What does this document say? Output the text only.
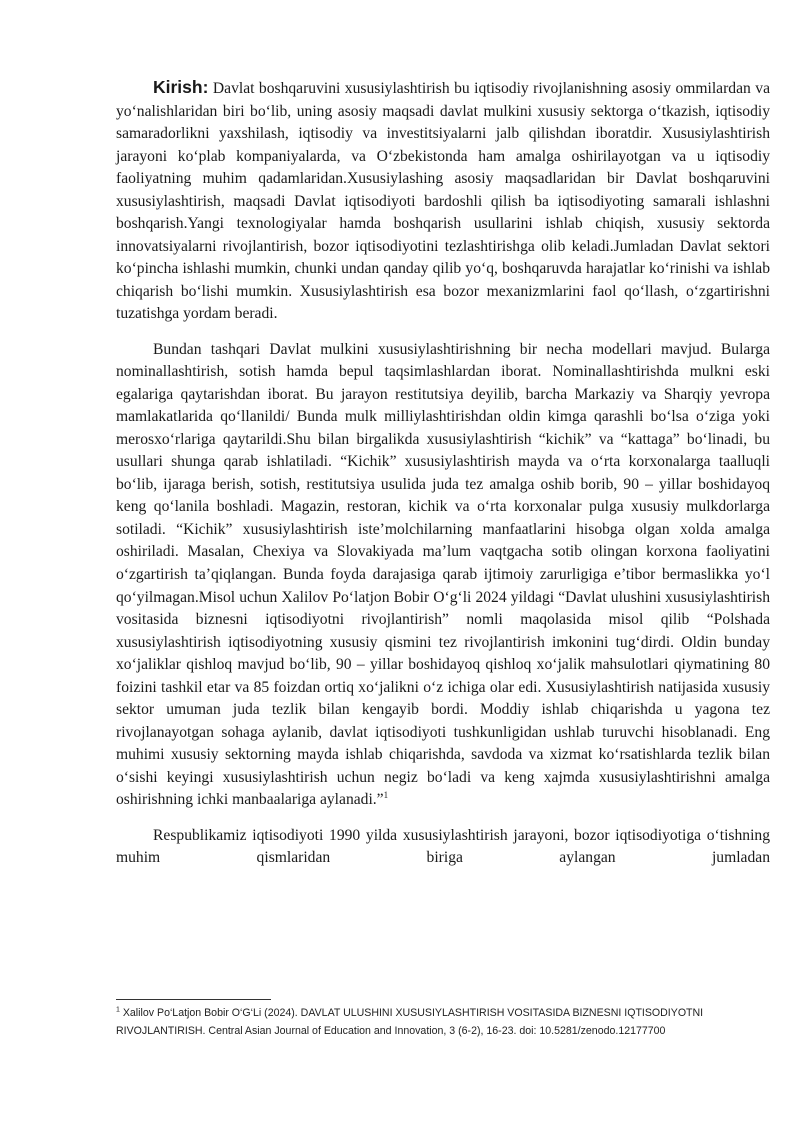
Kirish: Davlat boshqaruvini xususiylashtirish bu iqtisodiy rivojlanishning asosiy ommilardan va yo‘nalishlaridan biri bo‘lib, uning asosiy maqsadi davlat mulkini xususiy sektorga o‘tkazish, iqtisodiy samaradorlikni yaxshilash, iqtisodiy va investitsiyalarni jalb qilishdan iboratdir. Xususiylashtirish jarayoni ko‘plab kompaniyalarda, va O‘zbekistonda ham amalga oshirilayotgan va u iqtisodiy faoliyatning muhim qadamlaridan.Xususiylashing asosiy maqsadlaridan bir Davlat boshqaruvini xususiylashtirish, maqsadi Davlat iqtisodiyoti bardoshli qilish ba iqtisodiyoting samarali ishlashni boshqarish.Yangi texnologiyalar hamda boshqarish usullarini ishlab chiqish, xususiy sektorda innovatsiyalarni rivojlantirish, bozor iqtisodiyotini tezlashtirishga olib keladi.Jumladan Davlat sektori ko‘pincha ishlashi mumkin, chunki undan qanday qilib yo‘q, boshqaruvda harajatlar ko‘rinishi va ishlab chiqarish bo‘lishi mumkin. Xususiylashtirish esa bozor mexanizmlarini faol qo‘llash, o‘zgartirishni tuzatishga yordam beradi.

Bundan tashqari Davlat mulkini xususiylashtirishning bir necha modellari mavjud. Bularga nominallashtirish, sotish hamda bepul taqsimlashlardan iborat. Nominallashtirishda mulkni eski egalariga qaytarishdan iborat. Bu jarayon restitutsiya deyilib, barcha Markaziy va Sharqiy yevropa mamlakatlarida qo‘llanildi/ Bunda mulk milliylashtirishdan oldin kimga qarashli bo‘lsa o‘ziga yoki merosxo‘rlariga qaytarildi.Shu bilan birgalikda xususiylashtirish “kichik” va “kattaga” bo‘linadi, bu usullari shunga qarab ishlatiladi. “Kichik” xususiylashtirish mayda va o‘rta korxonalarga taalluqli bo‘lib, ijaraga berish, sotish, restitutsiya usulida juda tez amalga oshib borib, 90 – yillar boshidayoq keng qo‘lanila boshladi. Magazin, restoran, kichik va o‘rta korxonalar pulga xususiy mulkdorlarga sotiladi. “Kichik” xususiylashtirish iste’molchilarning manfaatlarini hisobga olgan xolda amalga oshiriladi. Masalan, Chexiya va Slovakiyada ma’lum vaqtgacha sotib olingan korxona faoliyatini o‘zgartirish ta’qiqlangan. Bunda foyda darajasiga qarab ijtimoiy zarurligiga e’tibor bermaslikka yo‘l qo‘yilmagan.Misol uchun Xalilov Po‘latjon Bobir O‘g‘li 2024 yildagi “Davlat ulushini xususiylashtirish vositasida biznesni iqtisodiyotni rivojlantirish” nomli maqolasida misol qilib “Polshada xususiylashtirish iqtisodiyotning xususiy qismini tez rivojlantirish imkonini tug‘dirdi. Oldin bunday xo‘jaliklar qishloq mavjud bo‘lib, 90 – yillar boshidayoq qishloq xo‘jalik mahsulotlari qiymatining 80 foizini tashkil etar va 85 foizdan ortiq xo‘jalikni o‘z ichiga olar edi. Xususiylashtirish natijasida xususiy sektor umuman juda tezlik bilan kengayib bordi. Moddiy ishlab chiqarishda u yagona tez rivojlanayotgan sohaga aylanib, davlat iqtisodiyoti tushkunligidan ushlab turuvchi hisoblanadi. Eng muhimi xususiy sektorning mayda ishlab chiqarishda, savdoda va xizmat ko‘rsatishlarda tezlik bilan o‘sishi keyingi xususiylashtirish uchun negiz bo‘ladi va keng xajmda xususiylashtirishni amalga oshirishning ichki manbaalariga aylanadi.”$^1$

Respublikamiz iqtisodiyoti 1990 yilda xususiylashtirish jarayoni, bozor iqtisodiyotiga o‘tishning muhim qismlaridan biriga aylangan jumladan

$^1$ Xalilov Po‘Latjon Bobir O‘G‘Li (2024). DAVLAT ULUSHINI XUSUSIYLASHTIRISH VOSITASIDA BIZNESNI IQTISODIYOTNI RIVOJLANTIRISH. Central Asian Journal of Education and Innovation, 3 (6-2), 16-23. doi: 10.5281/zenodo.12177700
